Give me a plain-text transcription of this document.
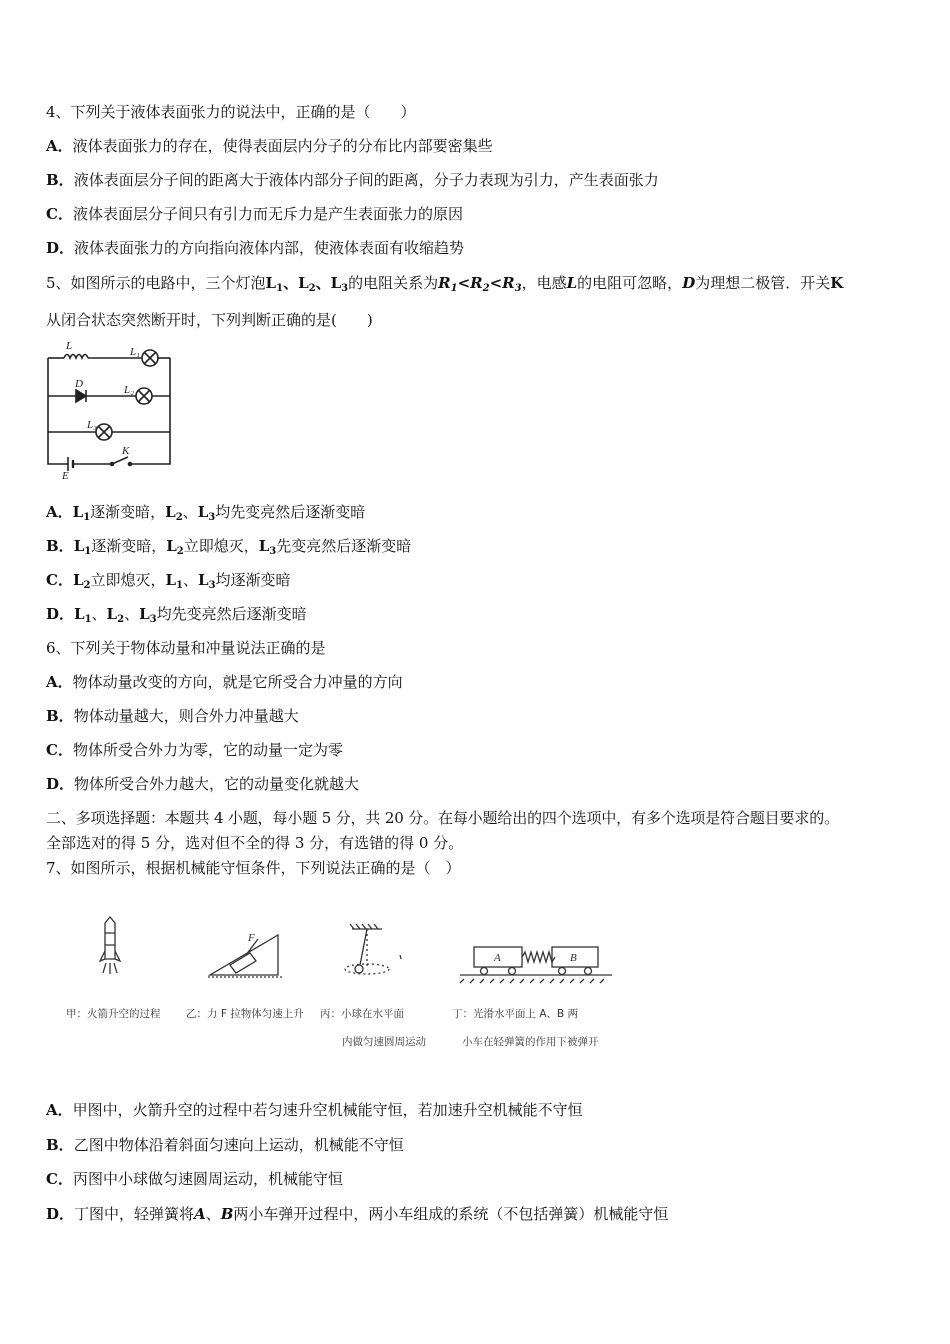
4、下列关于液体表面张力的说法中，正确的是（　　）
A．液体表面张力的存在，使得表面层内分子的分布比内部要密集些
B．液体表面层分子间的距离大于液体内部分子间的距离，分子力表现为引力，产生表面张力
C．液体表面层分子间只有引力而无斥力是产生表面张力的原因
D．液体表面张力的方向指向液体内部，使液体表面有收缩趋势
5、如图所示的电路中，三个灯泡$L_1$、$L_2$、$L_3$的电阻关系为$R_1<R_2<R_3$，电感L的电阻可忽略，D为理想二极管．开关K
从闭合状态突然断开时，下列判断正确的是(　　)
L	L₁
D	L₂
L₃
E
K
A．$L_1$逐渐变暗，$L_2$、$L_3$均先变亮然后逐渐变暗
B．$L_1$逐渐变暗，$L_2$立即熄灭，$L_3$先变亮然后逐渐变暗
C．$L_2$立即熄灭，$L_1$、$L_3$均逐渐变暗
D．$L_1$、$L_2$、$L_3$均先变亮然后逐渐变暗
6、下列关于物体动量和冲量说法正确的是
A．物体动量改变的方向，就是它所受合力冲量的方向
B．物体动量越大，则合外力冲量越大
C．物体所受合外力为零，它的动量一定为零
D．物体所受合外力越大，它的动量变化就越大
二、多项选择题：本题共 4 小题，每小题 5 分，共 20 分。在每小题给出的四个选项中，有多个选项是符合题目要求的。
全部选对的得 5 分，选对但不全的得 3 分，有选错的得 0 分。
7、如图所示，根据机械能守恒条件，下列说法正确的是（　）
F
A	B
甲：火箭升空的过程 乙：力 F 拉物体匀速上升 丙：小球在水平面
内做匀速圆周运动
丁：光滑水平面上 A、B 两
小车在轻弹簧的作用下被弹开
A．甲图中，火箭升空的过程中若匀速升空机械能守恒，若加速升空机械能不守恒
B．乙图中物体沿着斜面匀速向上运动，机械能不守恒
C．丙图中小球做匀速圆周运动，机械能守恒
D．丁图中，轻弹簧将A、B两小车弹开过程中，两小车组成的系统（不包括弹簧）机械能守恒
